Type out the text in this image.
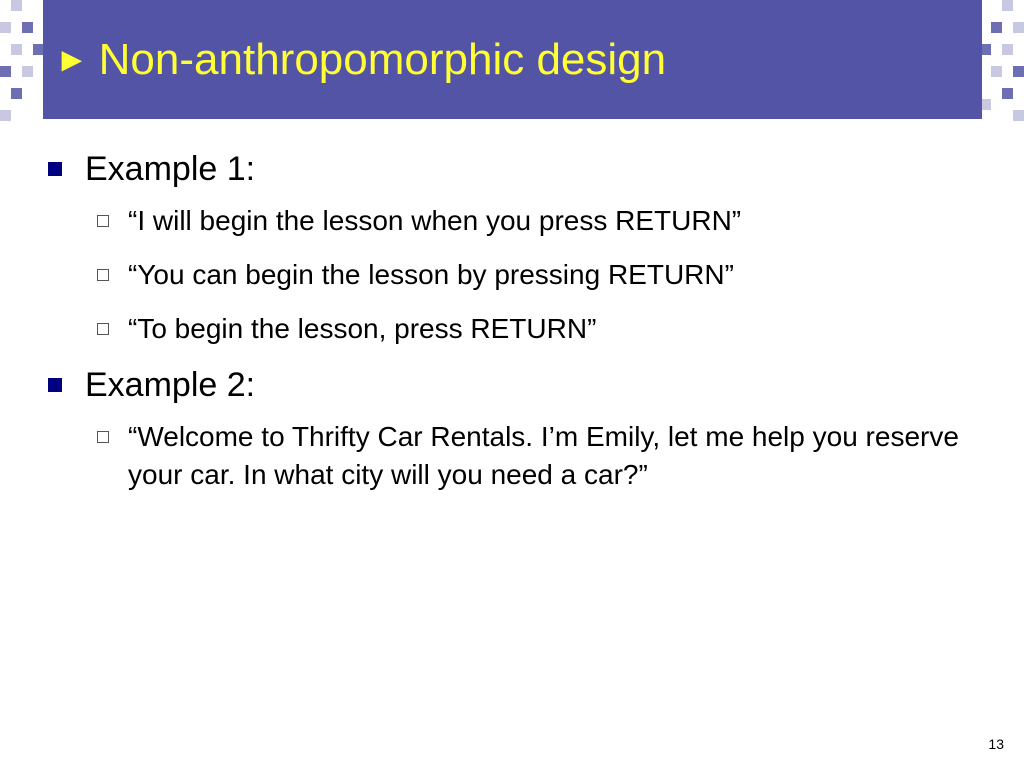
► Non-anthropomorphic design

Example 1:

“I will begin the lesson when you press RETURN”

“You can begin the lesson by pressing RETURN”

“To begin the lesson, press RETURN”

Example 2:

“Welcome to Thrifty Car Rentals. I’m Emily, let me help you reserve your car. In what city will you need a car?”

13
